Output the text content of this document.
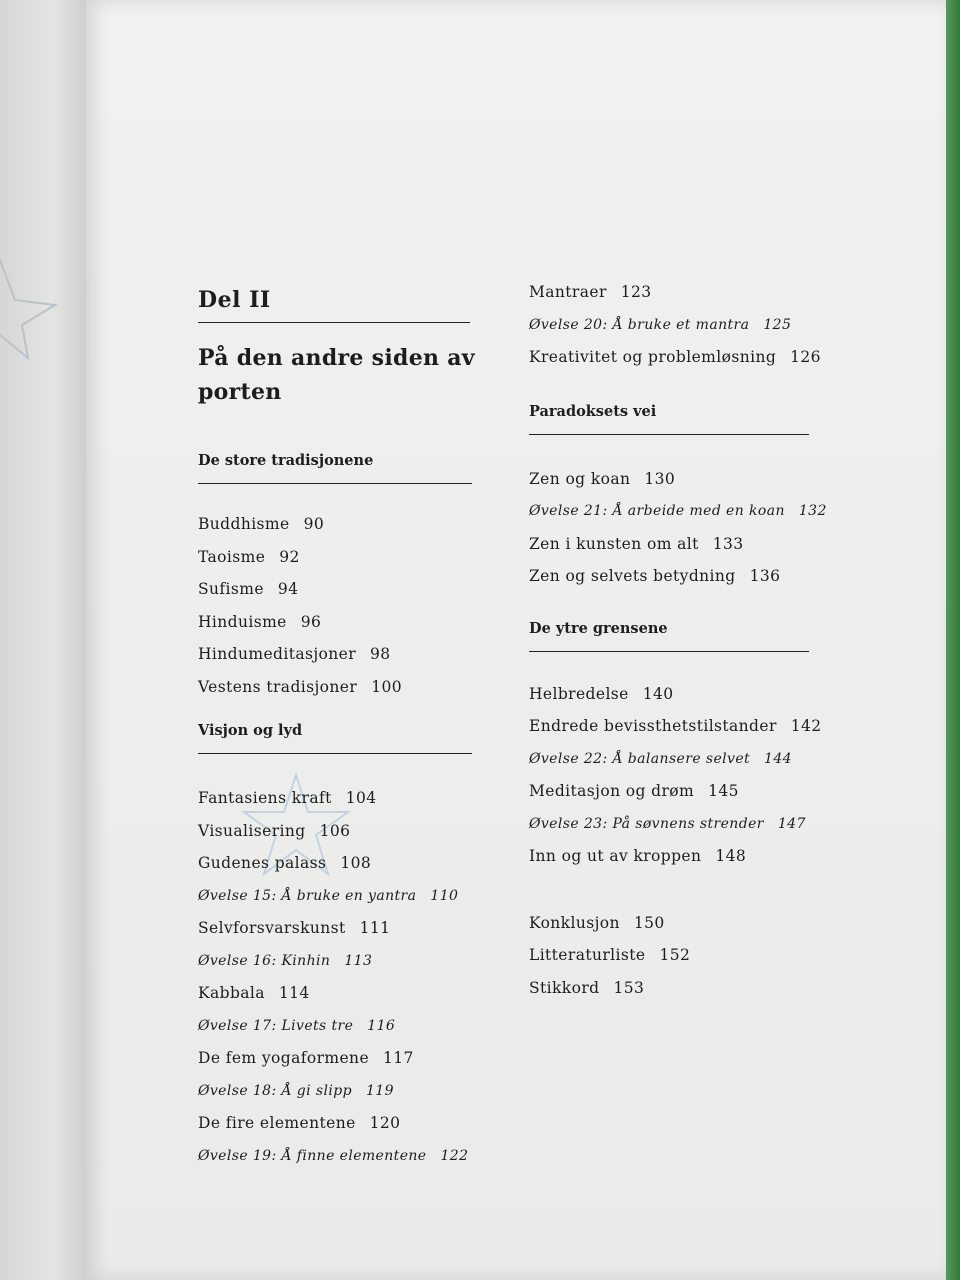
Del II
På den andre siden av
porten
De store tradisjonene
Buddhisme 90
Taoisme 92
Sufisme 94
Hinduisme 96
Hindumeditasjoner 98
Vestens tradisjoner 100
Visjon og lyd
Fantasiens kraft 104
Visualisering 106
Gudenes palass 108
Øvelse 15: Å bruke en yantra 110
Selvforsvarskunst 111
Øvelse 16: Kinhin 113
Kabbala 114
Øvelse 17: Livets tre 116
De fem yogaformene 117
Øvelse 18: Å gi slipp 119
De fire elementene 120
Øvelse 19: Å finne elementene 122
Mantraer 123
Øvelse 20: Å bruke et mantra 125
Kreativitet og problemløsning 126
Paradoksets vei
Zen og koan 130
Øvelse 21: Å arbeide med en koan 132
Zen i kunsten om alt 133
Zen og selvets betydning 136
De ytre grensene
Helbredelse 140
Endrede bevissthetstilstander 142
Øvelse 22: Å balansere selvet 144
Meditasjon og drøm 145
Øvelse 23: På søvnens strender 147
Inn og ut av kroppen 148
Konklusjon 150
Litteraturliste 152
Stikkord 153
